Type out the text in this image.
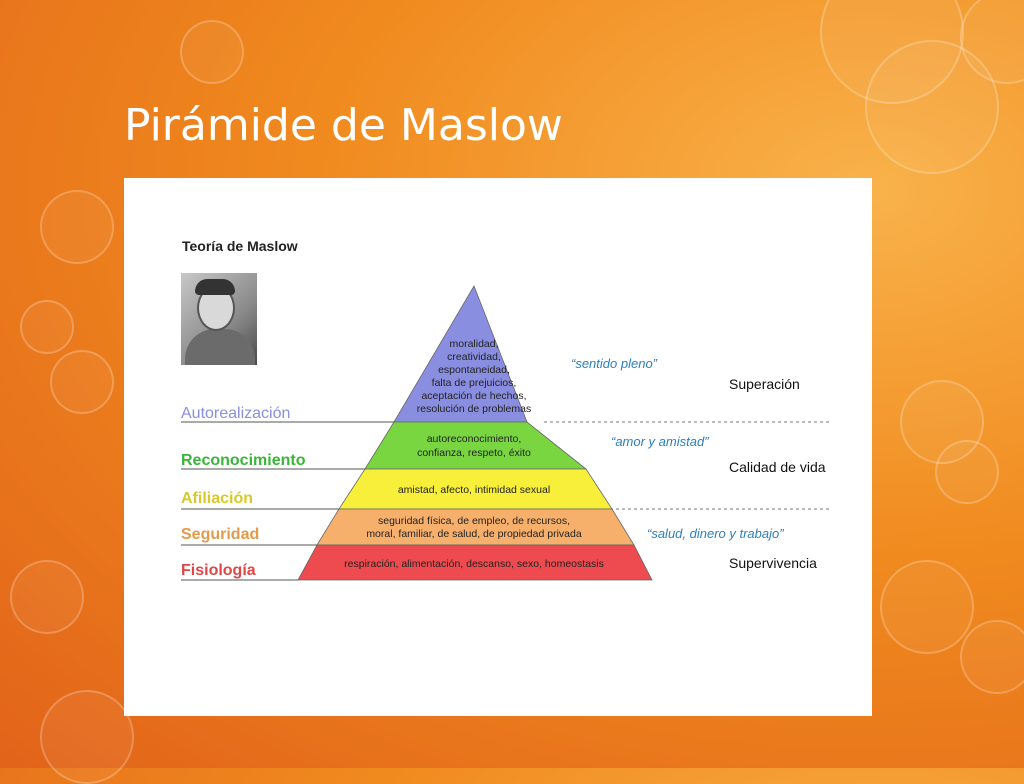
Pirámide de Maslow
Teoría de Maslow
Autorealización
Reconocimiento
Afiliación
Seguridad
Fisiología
moralidad,
creatividad,
espontaneidad,
falta de prejuicios,
aceptación de hechos,
resolución de problemas
autoreconocimiento,
confianza, respeto, éxito
amistad, afecto, intimidad sexual
seguridad física, de empleo, de recursos,
moral, familiar, de salud, de propiedad privada
respiración, alimentación, descanso, sexo, homeostasis
“sentido pleno”
“amor y amistad”
“salud, dinero y trabajo”
Superación
Calidad de vida
Supervivencia
